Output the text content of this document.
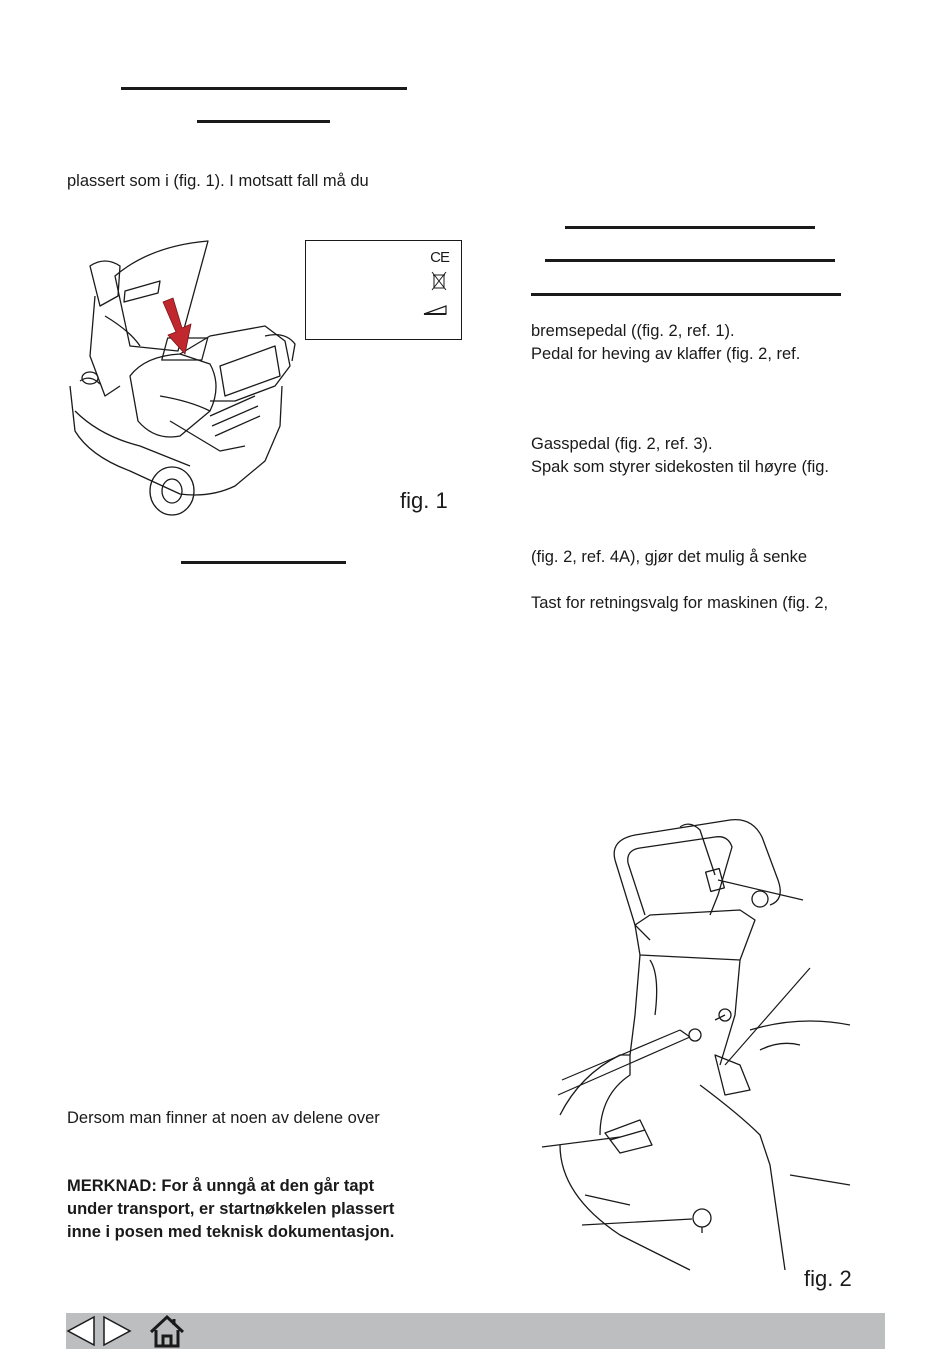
plassert som i (fig. 1). I motsatt fall må du
CE
fig. 1
Dersom man finner at noen av delene over
MERKNAD: For å unngå at den går tapt
under transport, er startnøkkelen plassert
inne i posen med teknisk dokumentasjon.
bremsepedal ((fig. 2, ref. 1).
Pedal for heving av klaffer (fig. 2, ref.
Gasspedal (fig. 2, ref. 3).
Spak som styrer sidekosten til høyre (fig.
(fig. 2, ref. 4A), gjør det mulig å senke
Tast for retningsvalg for maskinen (fig. 2,
fig. 2
